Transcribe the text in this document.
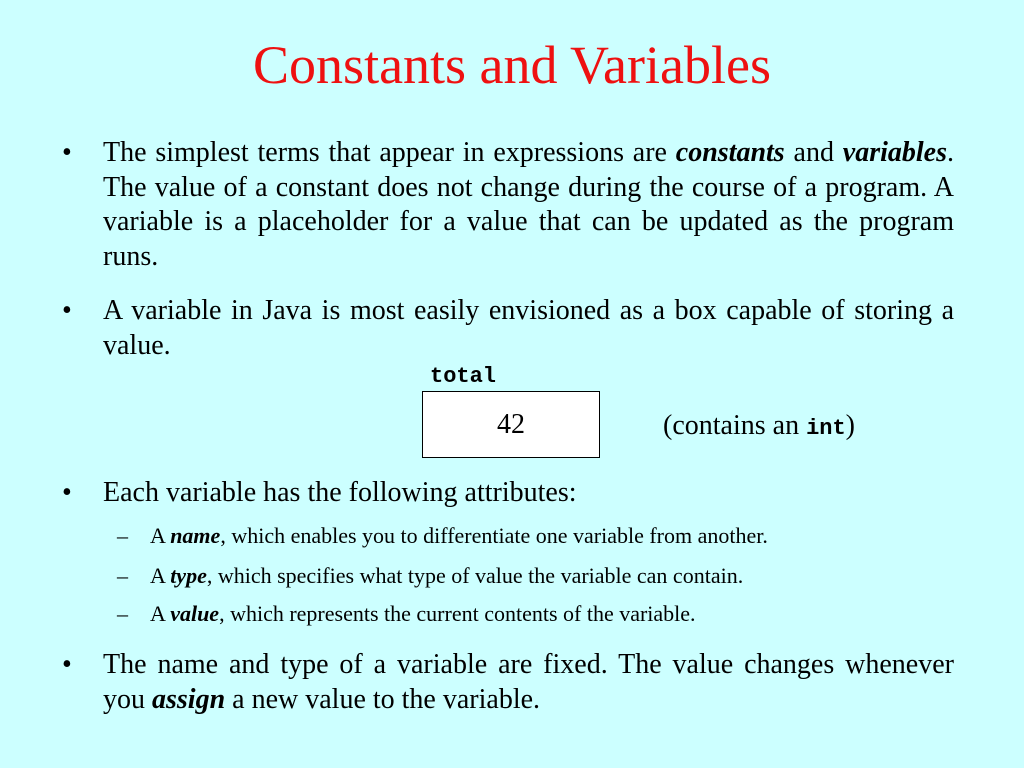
Constants and Variables
• The simplest terms that appear in expressions are constants and variables. The value of a constant does not change during the course of a program. A variable is a placeholder for a value that can be updated as the program runs.
• A variable in Java is most easily envisioned as a box capable of storing a value.
total
42	(contains an int)
• Each variable has the following attributes:
– A name, which enables you to differentiate one variable from another.
– A type, which specifies what type of value the variable can contain.
– A value, which represents the current contents of the variable.
• The name and type of a variable are fixed. The value changes whenever you assign a new value to the variable.
